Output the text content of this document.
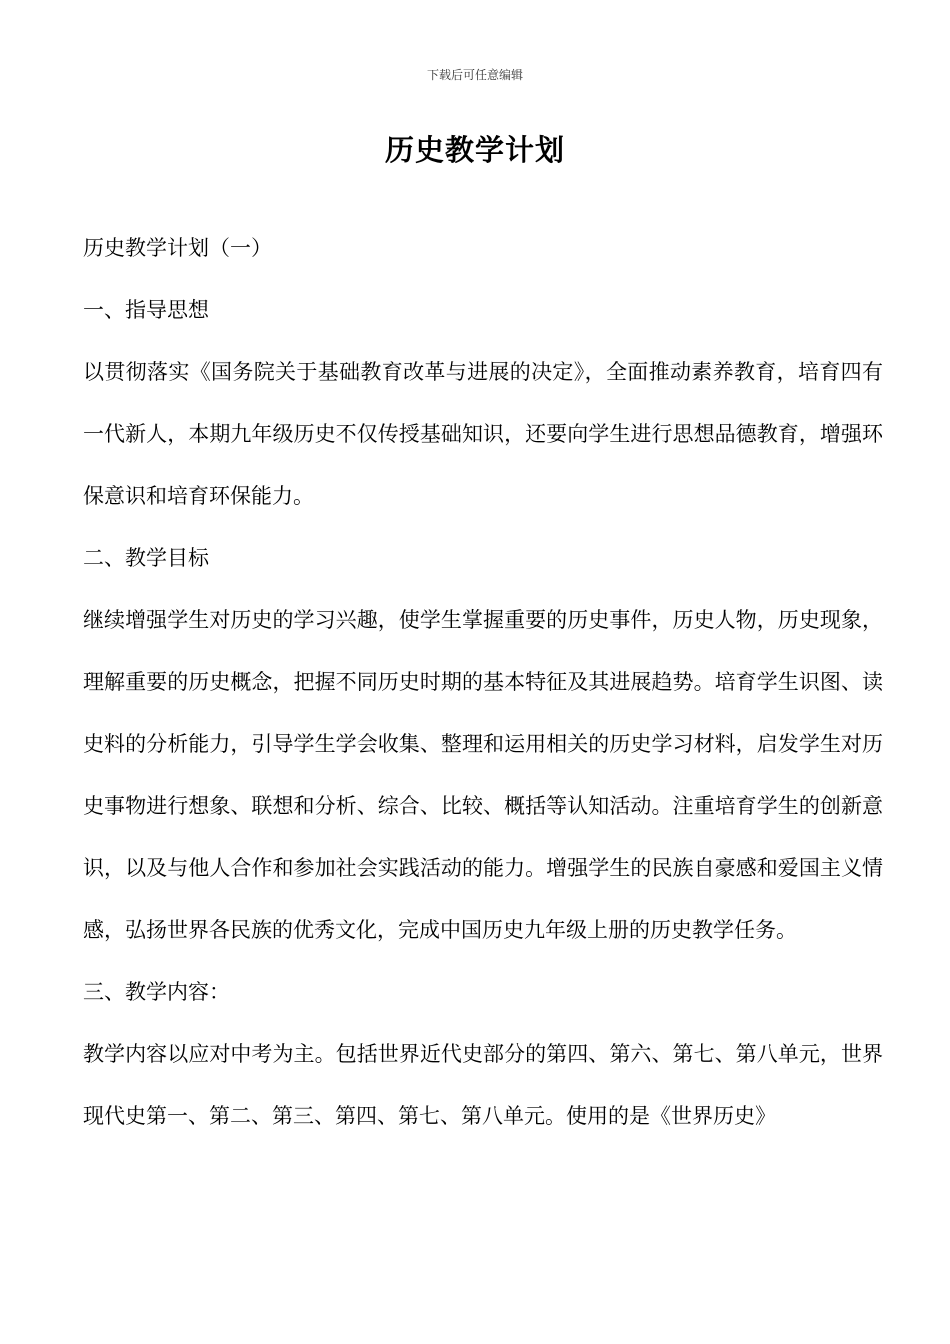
下载后可任意编辑
历史教学计划

历史教学计划（一）

一、指导思想

以贯彻落实《国务院关于基础教育改革与进展的决定》，全面推动素养教育，培育四有一代新人，本期九年级历史不仅传授基础知识，还要向学生进行思想品德教育，增强环保意识和培育环保能力。

二、教学目标

继续增强学生对历史的学习兴趣，使学生掌握重要的历史事件，历史人物，历史现象，理解重要的历史概念，把握不同历史时期的基本特征及其进展趋势。培育学生识图、读史料的分析能力，引导学生学会收集、整理和运用相关的历史学习材料，启发学生对历史事物进行想象、联想和分析、综合、比较、概括等认知活动。注重培育学生的创新意识，以及与他人合作和参加社会实践活动的能力。增强学生的民族自豪感和爱国主义情感，弘扬世界各民族的优秀文化，完成中国历史九年级上册的历史教学任务。

三、教学内容：

教学内容以应对中考为主。包括世界近代史部分的第四、第六、第七、第八单元，世界现代史第一、第二、第三、第四、第七、第八单元。使用的是《世界历史》
